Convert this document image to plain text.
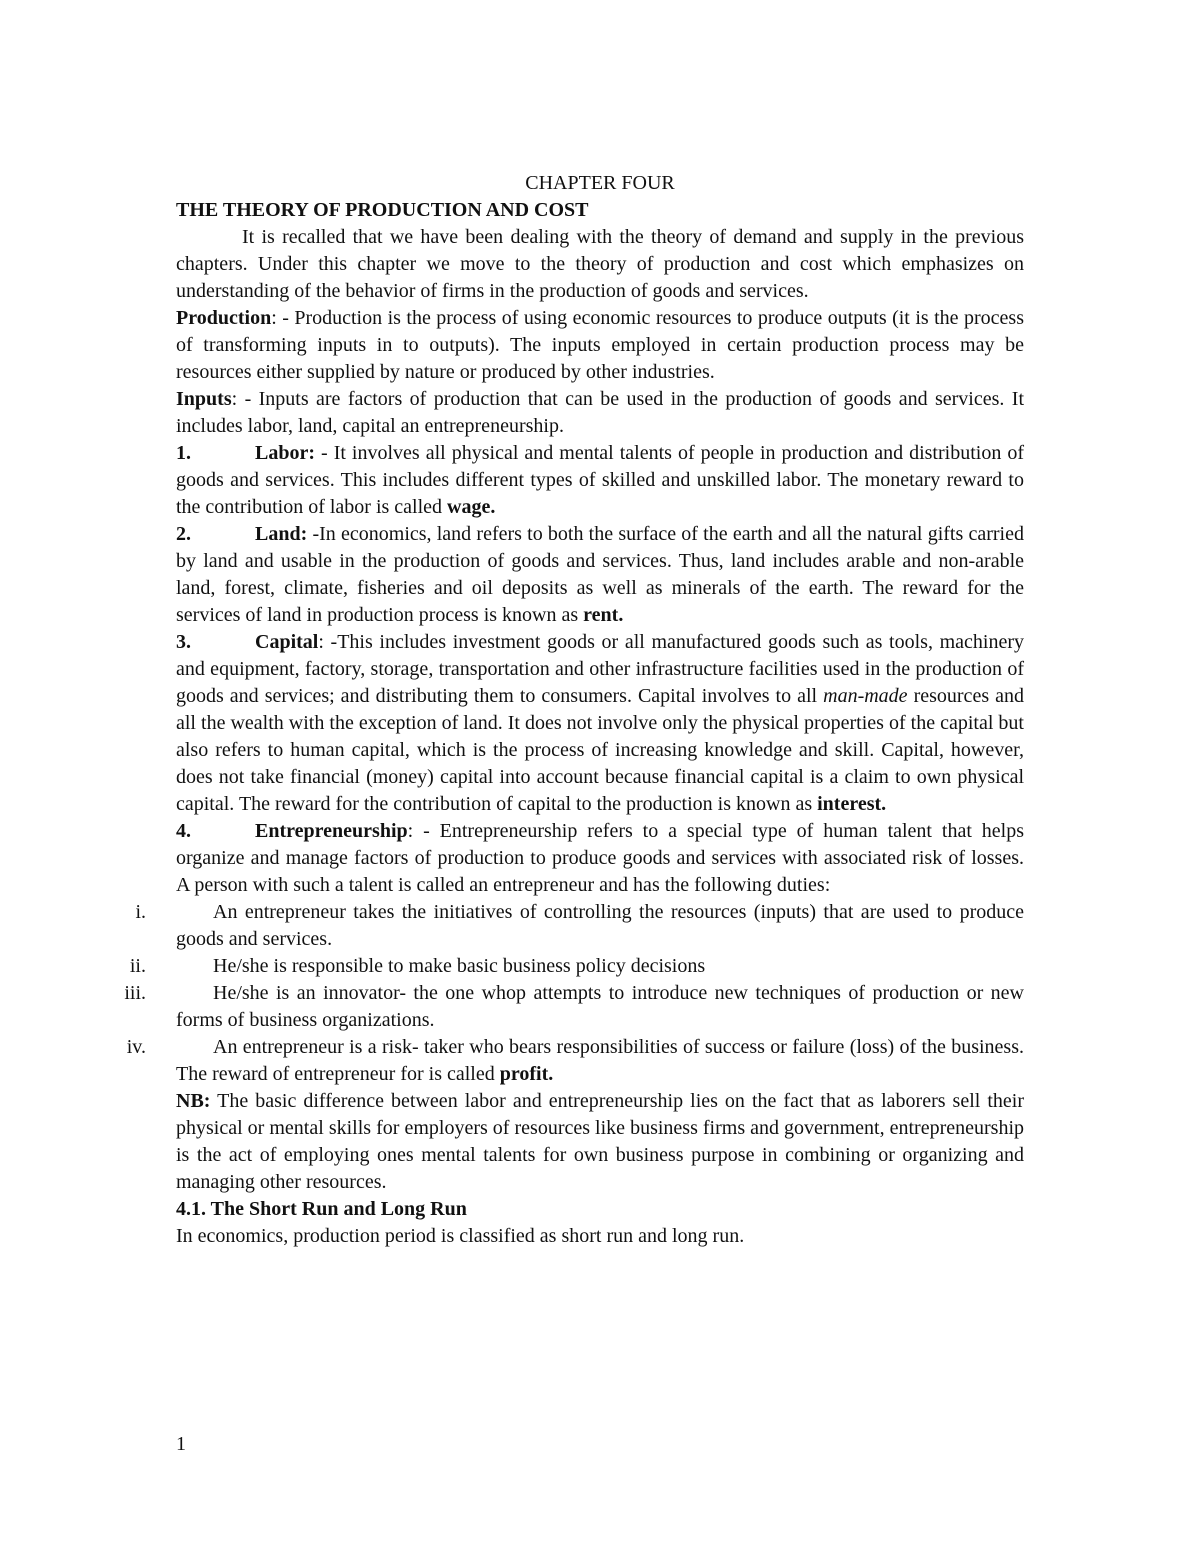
CHAPTER FOUR

THE THEORY OF PRODUCTION AND COST

It is recalled that we have been dealing with the theory of demand and supply in the previous chapters. Under this chapter we move to the theory of production and cost which emphasizes on understanding of the behavior of firms in the production of goods and services.

Production: - Production is the process of using economic resources to produce outputs (it is the process of transforming inputs in to outputs). The inputs employed in certain production process may be resources either supplied by nature or produced by other industries.

Inputs: - Inputs are factors of production that can be used in the production of goods and services. It includes labor, land, capital an entrepreneurship.

1.	Labor: - It involves all physical and mental talents of people in production and distribution of goods and services. This includes different types of skilled and unskilled labor. The monetary reward to the contribution of labor is called wage.

2.	Land: -In economics, land refers to both the surface of the earth and all the natural gifts carried by land and usable in the production of goods and services. Thus, land includes arable and non-arable land, forest, climate, fisheries and oil deposits as well as minerals of the earth. The reward for the services of land in production process is known as rent.

3.	Capital: -This includes investment goods or all manufactured goods such as tools, machinery and equipment, factory, storage, transportation and other infrastructure facilities used in the production of goods and services; and distributing them to consumers. Capital involves to all man-made resources and all the wealth with the exception of land. It does not involve only the physical properties of the capital but also refers to human capital, which is the process of increasing knowledge and skill. Capital, however, does not take financial (money) capital into account because financial capital is a claim to own physical capital. The reward for the contribution of capital to the production is known as interest.

4.	Entrepreneurship: - Entrepreneurship refers to a special type of human talent that helps organize and manage factors of production to produce goods and services with associated risk of losses. A person with such a talent is called an entrepreneur and has the following duties:

i.	An entrepreneur takes the initiatives of controlling the resources (inputs) that are used to produce goods and services.

ii.	He/she is responsible to make basic business policy decisions

iii.	He/she is an innovator- the one whop attempts to introduce new techniques of production or new forms of business organizations.

iv.	An entrepreneur is a risk- taker who bears responsibilities of success or failure (loss) of the business. The reward of entrepreneur for is called profit.

NB: The basic difference between labor and entrepreneurship lies on the fact that as laborers sell their physical or mental skills for employers of resources like business firms and government, entrepreneurship is the act of employing ones mental talents for own business purpose in combining or organizing and managing other resources.

4.1. The Short Run and Long Run

In economics, production period is classified as short run and long run.

1
